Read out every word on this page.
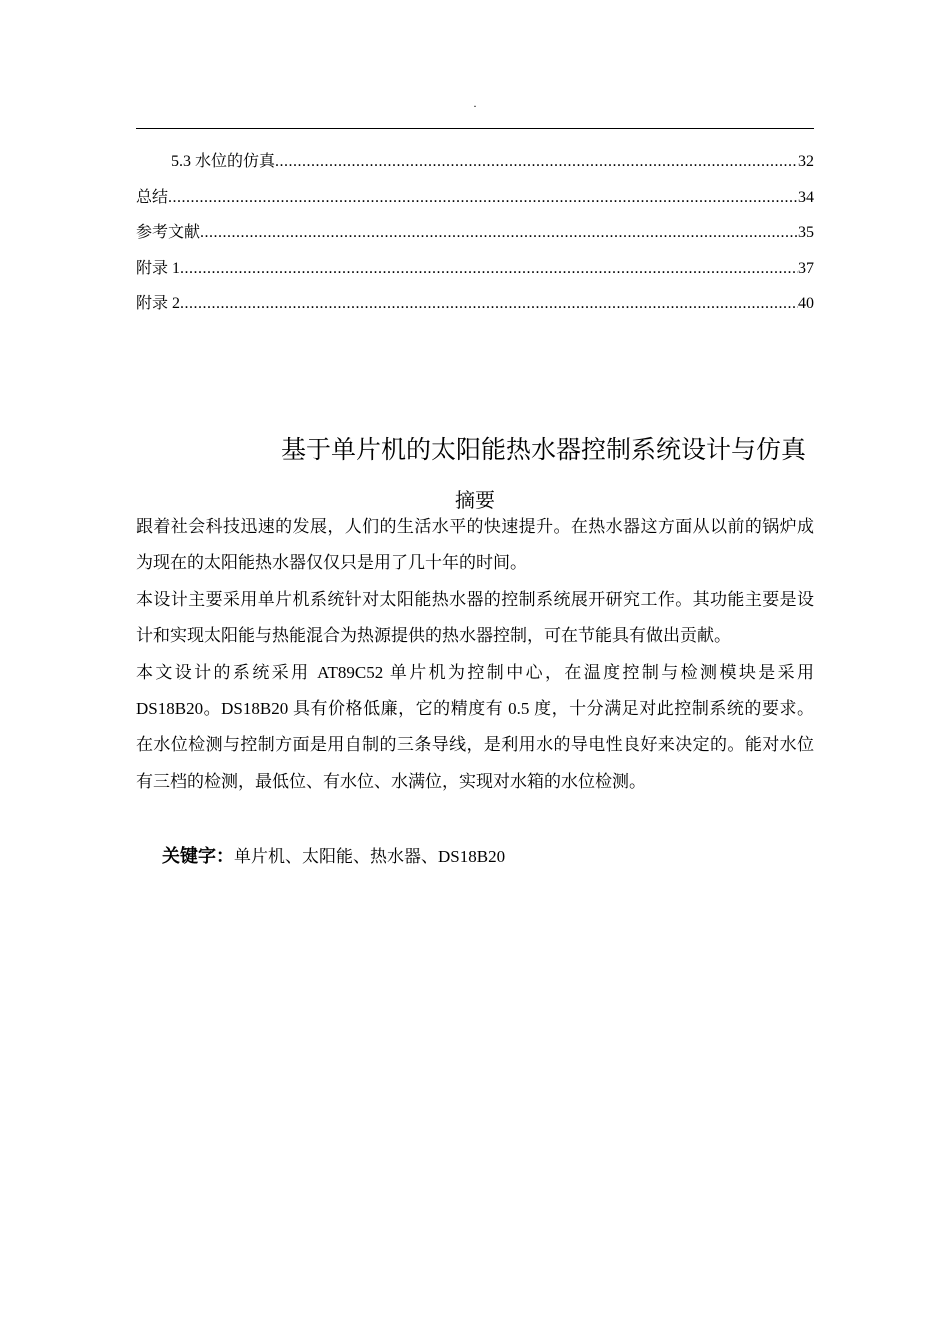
.
5.3 水位的仿真 .....	32
总结 .....	34
参考文献 .....	35
附录 1 .....	37
附录 2 .....	40
基于单片机的太阳能热水器控制系统设计与仿真
摘要

跟着社会科技迅速的发展，人们的生活水平的快速提升。在热水器这方面从以前的锅炉成为现在的太阳能热水器仅仅只是用了几十年的时间。

本设计主要采用单片机系统针对太阳能热水器的控制系统展开研究工作。其功能主要是设计和实现太阳能与热能混合为热源提供的热水器控制，可在节能具有做出贡献。

本文设计的系统采用 AT89C52 单片机为控制中心，在温度控制与检测模块是采用 DS18B20。DS18B20 具有价格低廉，它的精度有 0.5 度，十分满足对此控制系统的要求。在水位检测与控制方面是用自制的三条导线，是利用水的导电性良好来决定的。能对水位有三档的检测，最低位、有水位、水满位，实现对水箱的水位检测。

关键字：单片机、太阳能、热水器、DS18B20
